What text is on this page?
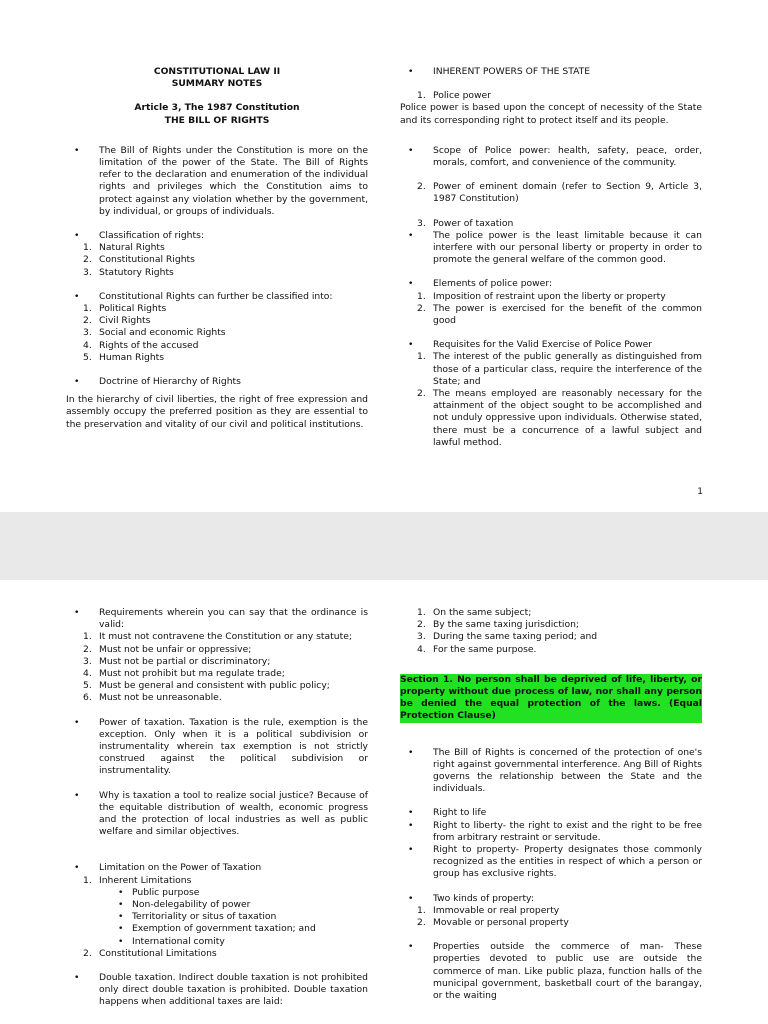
CONSTITUTIONAL LAW II
SUMMARY NOTES
Article 3, The 1987 Constitution
THE BILL OF RIGHTS
• The Bill of Rights under the Constitution is more on the limitation of the power of the State. The Bill of Rights refer to the declaration and enumeration of the individual rights and privileges which the Constitution aims to protect against any violation whether by the government, by individual, or groups of individuals.
• Classification of rights:
1. Natural Rights
2. Constitutional Rights
3. Statutory Rights
• Constitutional Rights can further be classified into:
1. Political Rights
2. Civil Rights
3. Social and economic Rights
4. Rights of the accused
5. Human Rights
• Doctrine of Hierarchy of Rights
In the hierarchy of civil liberties, the right of free expression and assembly occupy the preferred position as they are essential to the preservation and vitality of our civil and political institutions.
• INHERENT POWERS OF THE STATE
1. Police power
Police power is based upon the concept of necessity of the State and its corresponding right to protect itself and its people.
• Scope of Police power: health, safety, peace, order, morals, comfort, and convenience of the community.
2. Power of eminent domain (refer to Section 9, Article 3, 1987 Constitution)
3. Power of taxation
• The police power is the least limitable because it can interfere with our personal liberty or property in order to promote the general welfare of the common good.
• Elements of police power:
1. Imposition of restraint upon the liberty or property
2. The power is exercised for the benefit of the common good
• Requisites for the Valid Exercise of Police Power
1. The interest of the public generally as distinguished from those of a particular class, require the interference of the State; and
2. The means employed are reasonably necessary for the attainment of the object sought to be accomplished and not unduly oppressive upon individuals. Otherwise stated, there must be a concurrence of a lawful subject and lawful method.
1
• Requirements wherein you can say that the ordinance is valid:
1. It must not contravene the Constitution or any statute;
2. Must not be unfair or oppressive;
3. Must not be partial or discriminatory;
4. Must not prohibit but ma regulate trade;
5. Must be general and consistent with public policy;
6. Must not be unreasonable.
• Power of taxation. Taxation is the rule, exemption is the exception. Only when it is a political subdivision or instrumentality wherein tax exemption is not strictly construed against the political subdivision or instrumentality.
• Why is taxation a tool to realize social justice? Because of the equitable distribution of wealth, economic progress and the protection of local industries as well as public welfare and similar objectives.
• Limitation on the Power of Taxation
1. Inherent Limitations
• Public purpose
• Non-delegability of power
• Territoriality or situs of taxation
• Exemption of government taxation; and
• International comity
2. Constitutional Limitations
• Double taxation. Indirect double taxation is not prohibited only direct double taxation is prohibited. Double taxation happens when additional taxes are laid:
1. On the same subject;
2. By the same taxing jurisdiction;
3. During the same taxing period; and
4. For the same purpose.
Section 1. No person shall be deprived of life, liberty, or property without due process of law, nor shall any person be denied the equal protection of the laws. (Equal Protection Clause)
• The Bill of Rights is concerned of the protection of one's right against governmental interference. Ang Bill of Rights governs the relationship between the State and the individuals.
• Right to life
• Right to liberty- the right to exist and the right to be free from arbitrary restraint or servitude.
• Right to property- Property designates those commonly recognized as the entities in respect of which a person or group has exclusive rights.
• Two kinds of property:
1. Immovable or real property
2. Movable or personal property
• Properties outside the commerce of man- These properties devoted to public use are outside the commerce of man. Like public plaza, function halls of the municipal government, basketball court of the barangay, or the waiting
